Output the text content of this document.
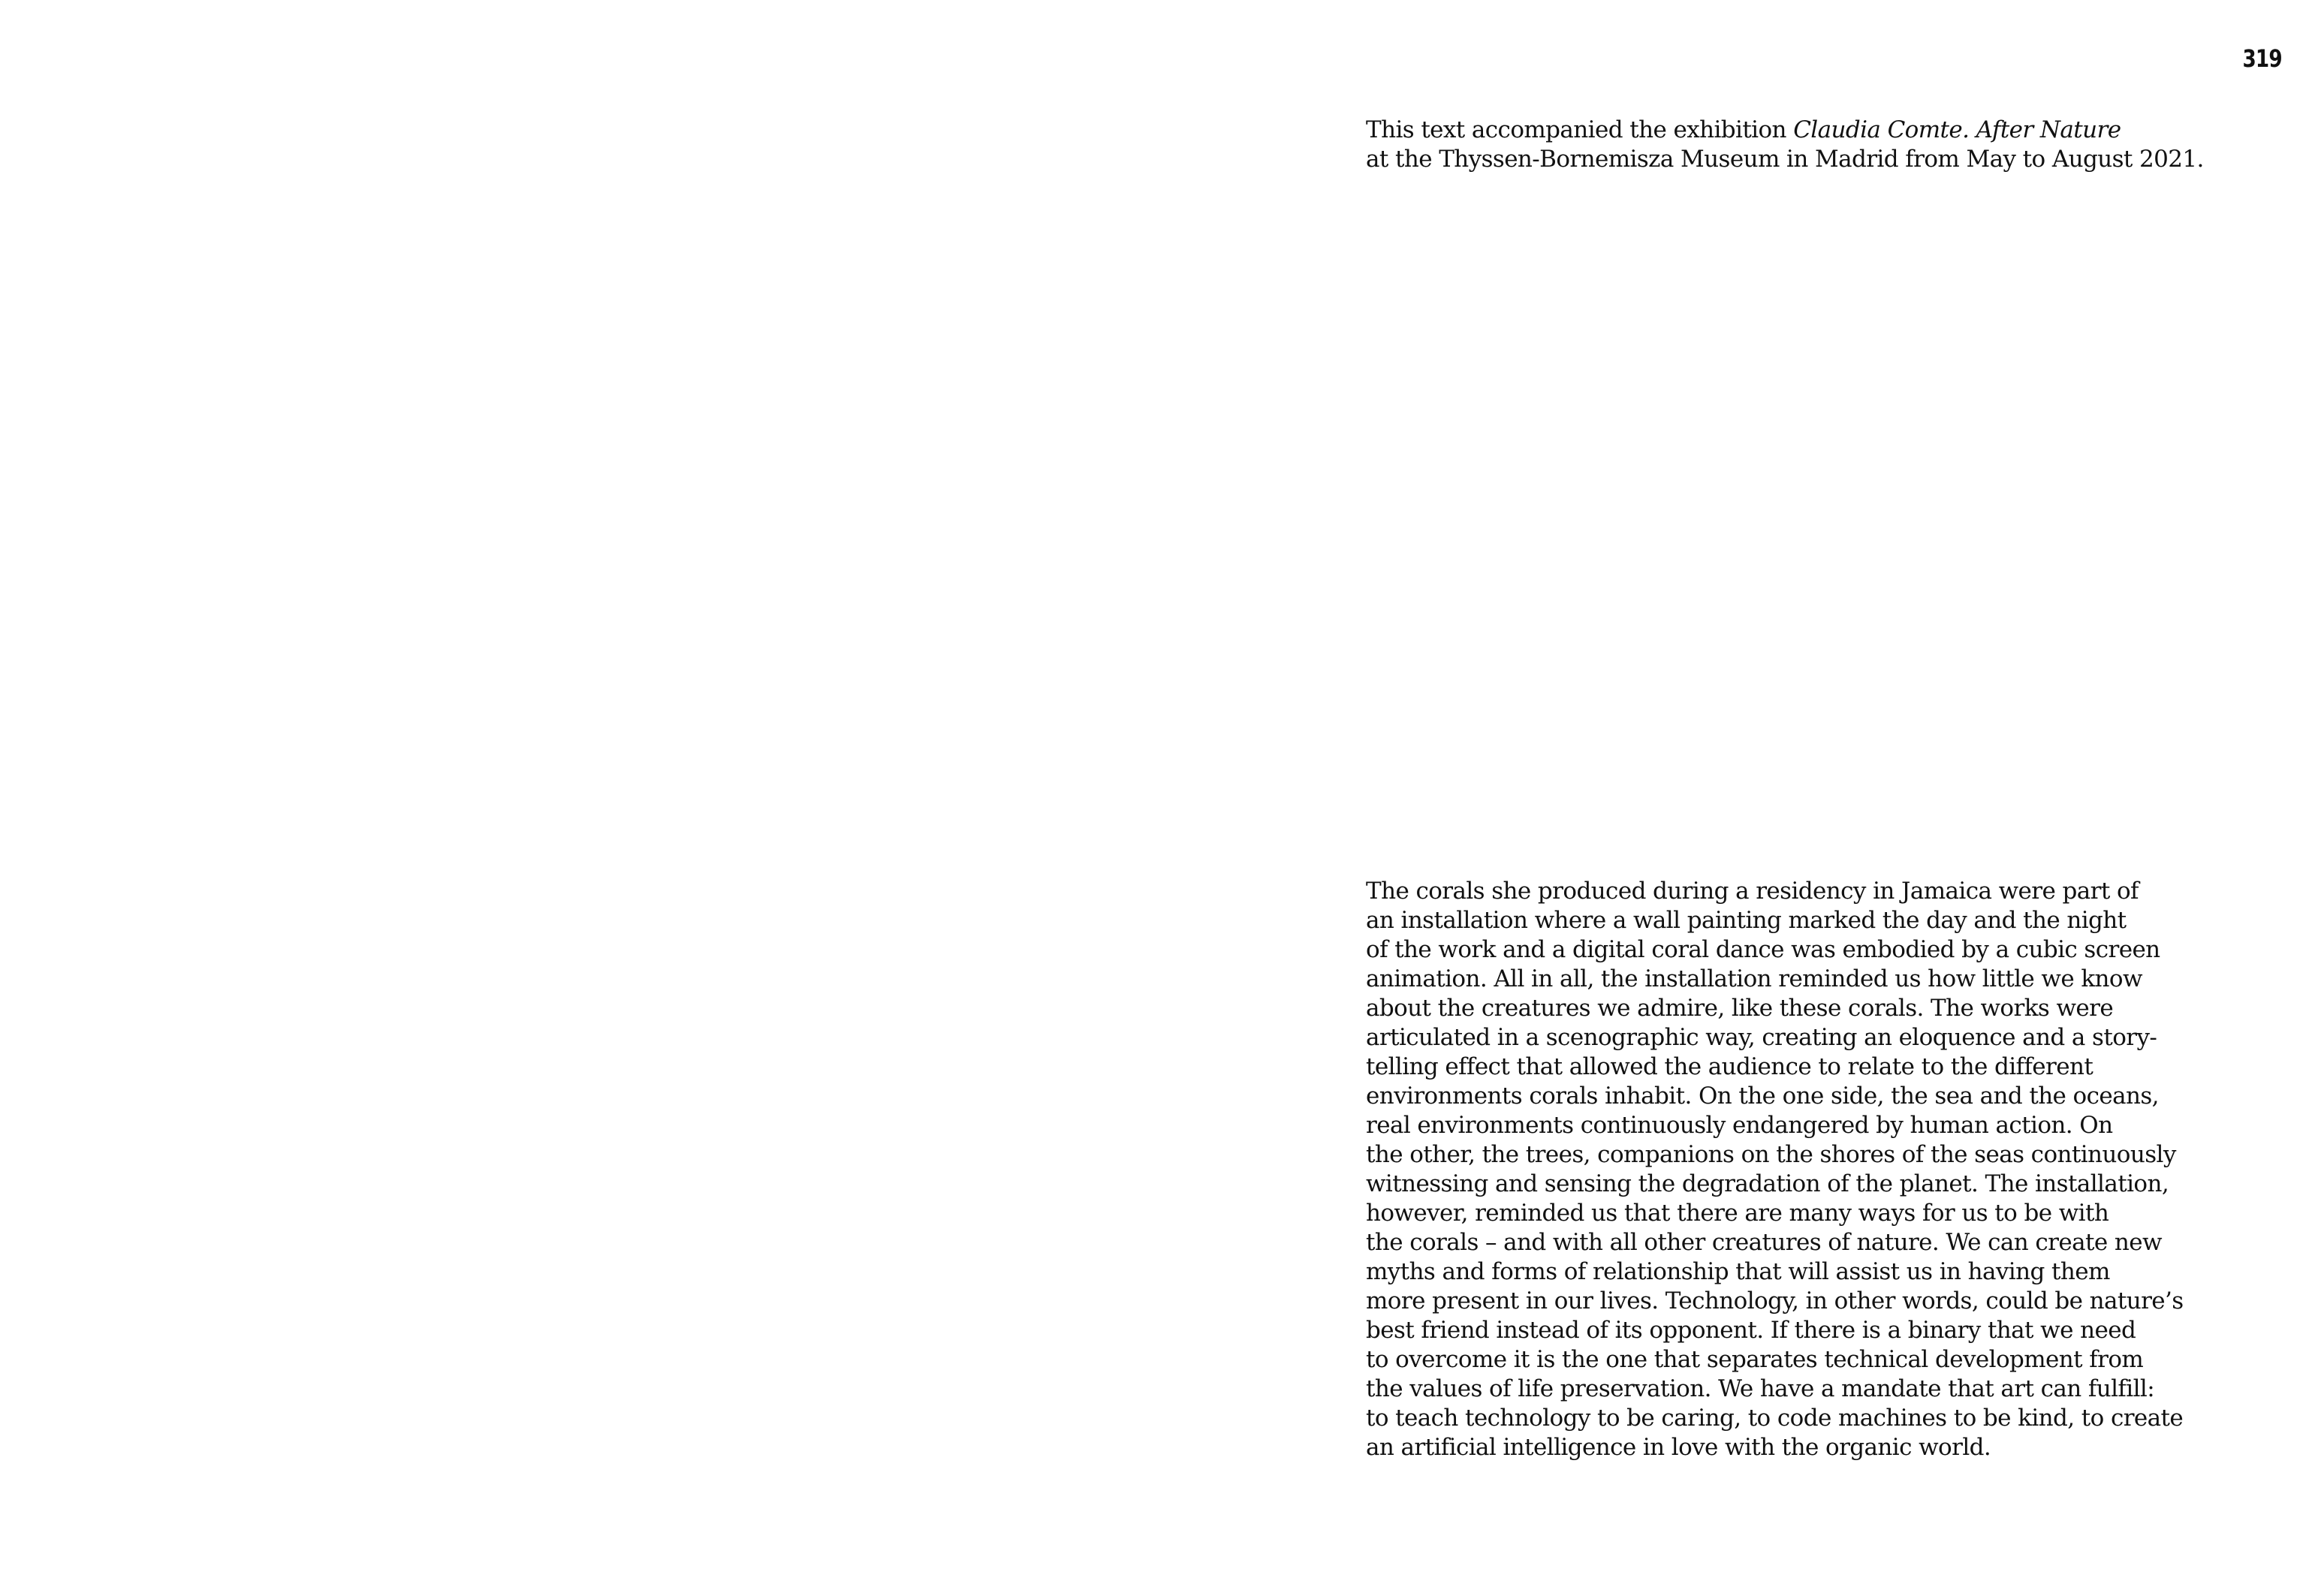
319
This text accompanied the exhibition Claudia Comte. After Nature
at the Thyssen-Bornemisza Museum in Madrid from May to August 2021.
The corals she produced during a residency in Jamaica were part of
an installation where a wall painting marked the day and the night
of the work and a digital coral dance was embodied by a cubic screen
animation. All in all, the installation reminded us how little we know
about the creatures we admire, like these corals. The works were
articulated in a scenographic way, creating an eloquence and a story-
telling effect that allowed the audience to relate to the different
environments corals inhabit. On the one side, the sea and the oceans,
real environments continuously endangered by human action. On
the other, the trees, companions on the shores of the seas continuously
witnessing and sensing the degradation of the planet. The installation,
however, reminded us that there are many ways for us to be with
the corals – and with all other creatures of nature. We can create new
myths and forms of relationship that will assist us in having them
more present in our lives. Technology, in other words, could be nature’s
best friend instead of its opponent. If there is a binary that we need
to overcome it is the one that separates technical development from
the values of life preservation. We have a mandate that art can fulfill:
to teach technology to be caring, to code machines to be kind, to create
an artificial intelligence in love with the organic world.
